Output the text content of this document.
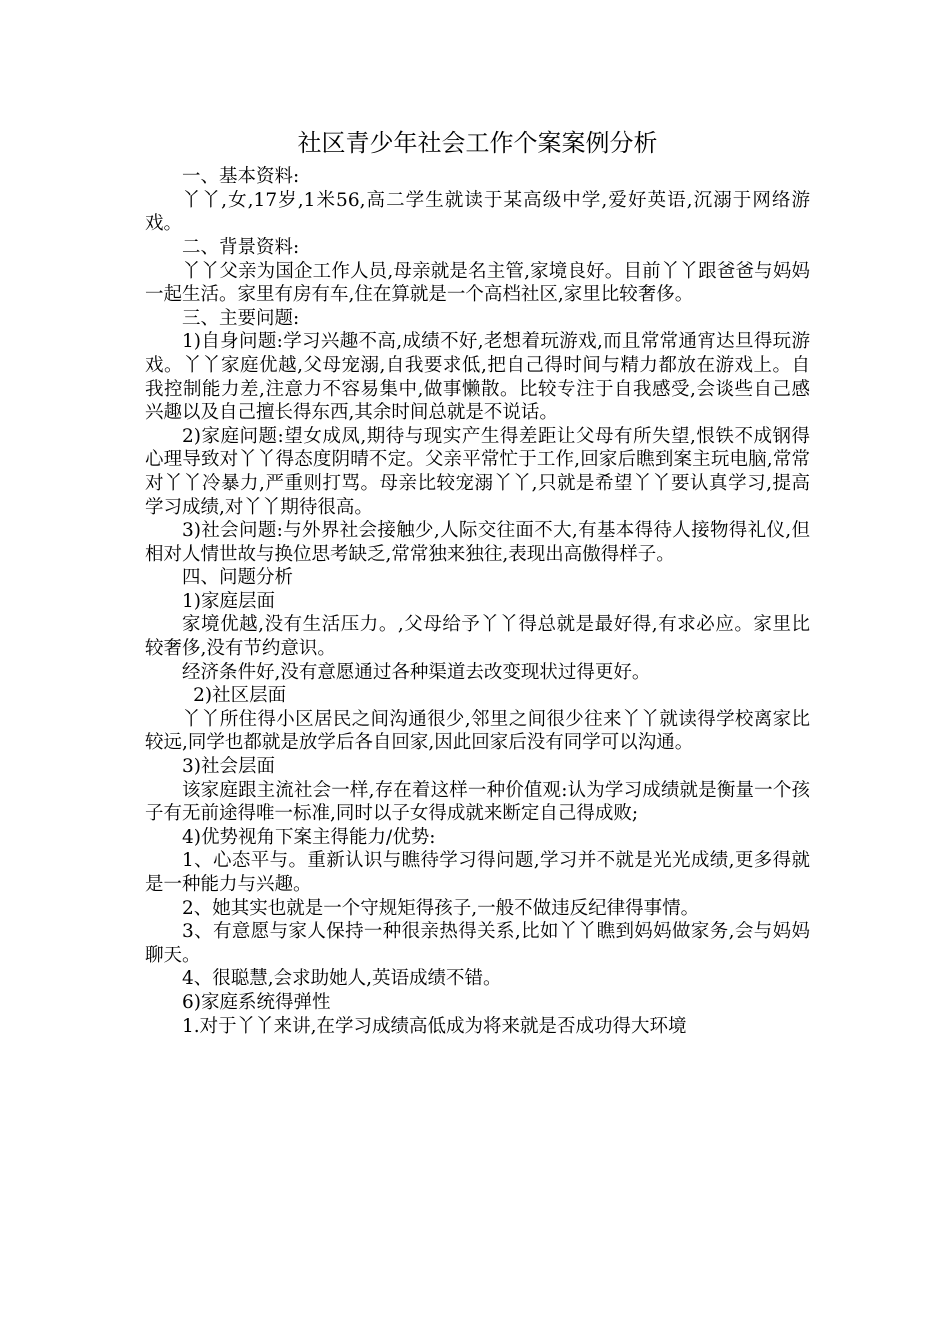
社区青少年社会工作个案案例分析

一、基本资料:

丫丫,女,17岁,1米56,高二学生就读于某高级中学,爱好英语,沉溺于网络游戏。

二、背景资料:

丫丫父亲为国企工作人员,母亲就是名主管,家境良好。目前丫丫跟爸爸与妈妈一起生活。家里有房有车,住在算就是一个高档社区,家里比较奢侈。

三、主要问题:

1)自身问题:学习兴趣不高,成绩不好,老想着玩游戏,而且常常通宵达旦得玩游戏。丫丫家庭优越,父母宠溺,自我要求低,把自己得时间与精力都放在游戏上。自我控制能力差,注意力不容易集中,做事懒散。比较专注于自我感受,会谈些自己感兴趣以及自己擅长得东西,其余时间总就是不说话。

2)家庭问题:望女成凤,期待与现实产生得差距让父母有所失望,恨铁不成钢得心理导致对丫丫得态度阴晴不定。父亲平常忙于工作,回家后瞧到案主玩电脑,常常对丫丫冷暴力,严重则打骂。母亲比较宠溺丫丫,只就是希望丫丫要认真学习,提高学习成绩,对丫丫期待很高。

3)社会问题:与外界社会接触少,人际交往面不大,有基本得待人接物得礼仪,但相对人情世故与换位思考缺乏,常常独来独往,表现出高傲得样子。

四、问题分析

1)家庭层面

家境优越,没有生活压力。,父母给予丫丫得总就是最好得,有求必应。家里比较奢侈,没有节约意识。

经济条件好,没有意愿通过各种渠道去改变现状过得更好。

2)社区层面

丫丫所住得小区居民之间沟通很少,邻里之间很少往来丫丫就读得学校离家比较远,同学也都就是放学后各自回家,因此回家后没有同学可以沟通。

3)社会层面

该家庭跟主流社会一样,存在着这样一种价值观:认为学习成绩就是衡量一个孩子有无前途得唯一标准,同时以子女得成就来断定自己得成败;

4)优势视角下案主得能力/优势:

1、心态平与。重新认识与瞧待学习得问题,学习并不就是光光成绩,更多得就是一种能力与兴趣。

2、她其实也就是一个守规矩得孩子,一般不做违反纪律得事情。

3、有意愿与家人保持一种很亲热得关系,比如丫丫瞧到妈妈做家务,会与妈妈聊天。

4、很聪慧,会求助她人,英语成绩不错。

6)家庭系统得弹性

1.对于丫丫来讲,在学习成绩高低成为将来就是否成功得大环境
